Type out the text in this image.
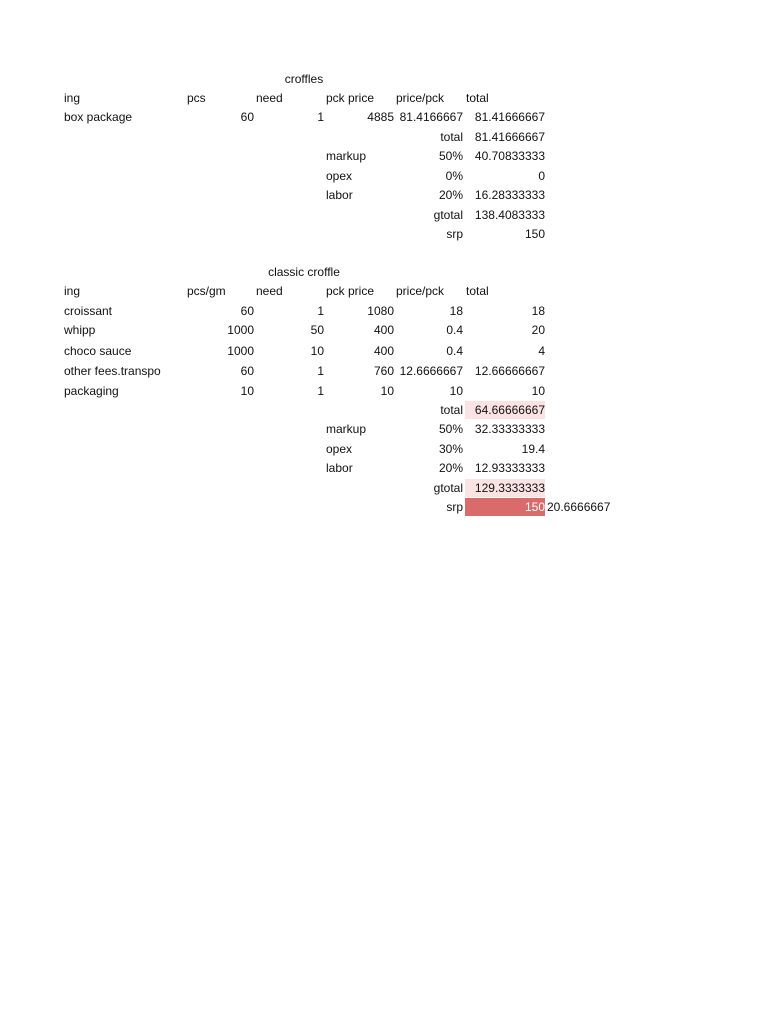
croffles
ing	pcs	need	pck price	price/pck	total
box package	60	1	4885 81.4166667 81.41666667
total 81.41666667
markup	50% 40.70833333
opex	0%	0
labor	20% 16.28333333
gtotal 138.4083333
srp	150
classic croffle
ing	pcs/gm	need	pck price	price/pck	total
croissant	60	1	1080	18	18
whipp	1000	50	400	0.4	20
choco sauce	1000	10	400	0.4	4
other fees.transpo	60	1	760 12.6666667 12.66666667
packaging	10	1	10	10	10
total 64.66666667
markup	50% 32.33333333
opex	30%	19.4
labor	20% 12.93333333
gtotal 129.3333333
srp	150 20.6666667
